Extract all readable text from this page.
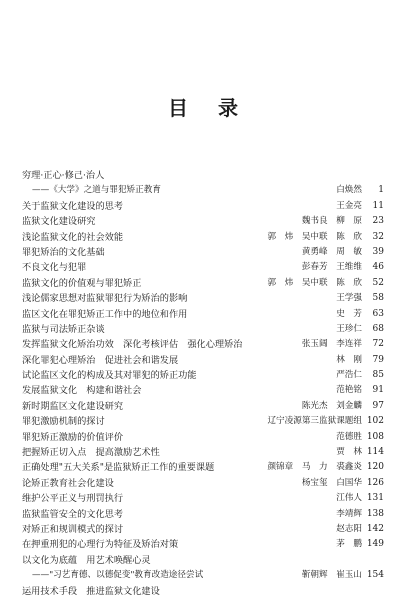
目 录
穷理·正心·修己·治人
——《大学》之道与罪犯矫正教育	白焕然	1
关于监狱文化建设的思考	王金亮	11
监狱文化建设研究	魏书良　柳　原	23
浅论监狱文化的社会效能	郭　炜　吴中联　陈　欣	32
罪犯矫治的文化基础	黄勇峰　周　敏	39
不良文化与犯罪	彭春芳　王维维	46
监狱文化的价值观与罪犯矫正	郭　炜　吴中联　陈　欣	52
浅论儒家思想对监狱罪犯行为矫治的影响	王学强	58
监区文化在罪犯矫正工作中的地位和作用	史　芳	63
监狱与司法矫正杂谈	王珍仁	68
发挥监狱文化矫治功效　深化考核评估　强化心理矫治	张玉阔　李连祥	72
深化罪犯心理矫治　促进社会和谐发展	林　刚	79
试论监区文化的构成及其对罪犯的矫正功能	严浩仁	85
发展监狱文化　构建和谐社会	范艳铭	91
新时期监区文化建设研究	陈光杰　刘金麟	97
罪犯激励机制的探讨	辽宁凌源第三监狱课题组 102
罪犯矫正激励的价值评价	范德胜 108
把握矫正切入点　提高激励艺术性	贾　林 114
正确处理"五大关系"是监狱矫正工作的重要课题	颜锦章　马　力　裘鑫炎 120
论矫正教育社会化建设	杨宝玺　白国华 126
维护公平正义与刑罚执行	江伟人 131
监狱监管安全的文化思考	李靖辉 138
对矫正和规训模式的探讨	赵志阳 142
在押重刑犯的心理行为特征及矫治对策	茅　鹏 149
以文化为底蕴　用艺术唤醒心灵
——"习艺育德、以德促变"教育改造途径尝试	靳朝辉　崔玉山 154
运用技术手段　推进监狱文化建设
